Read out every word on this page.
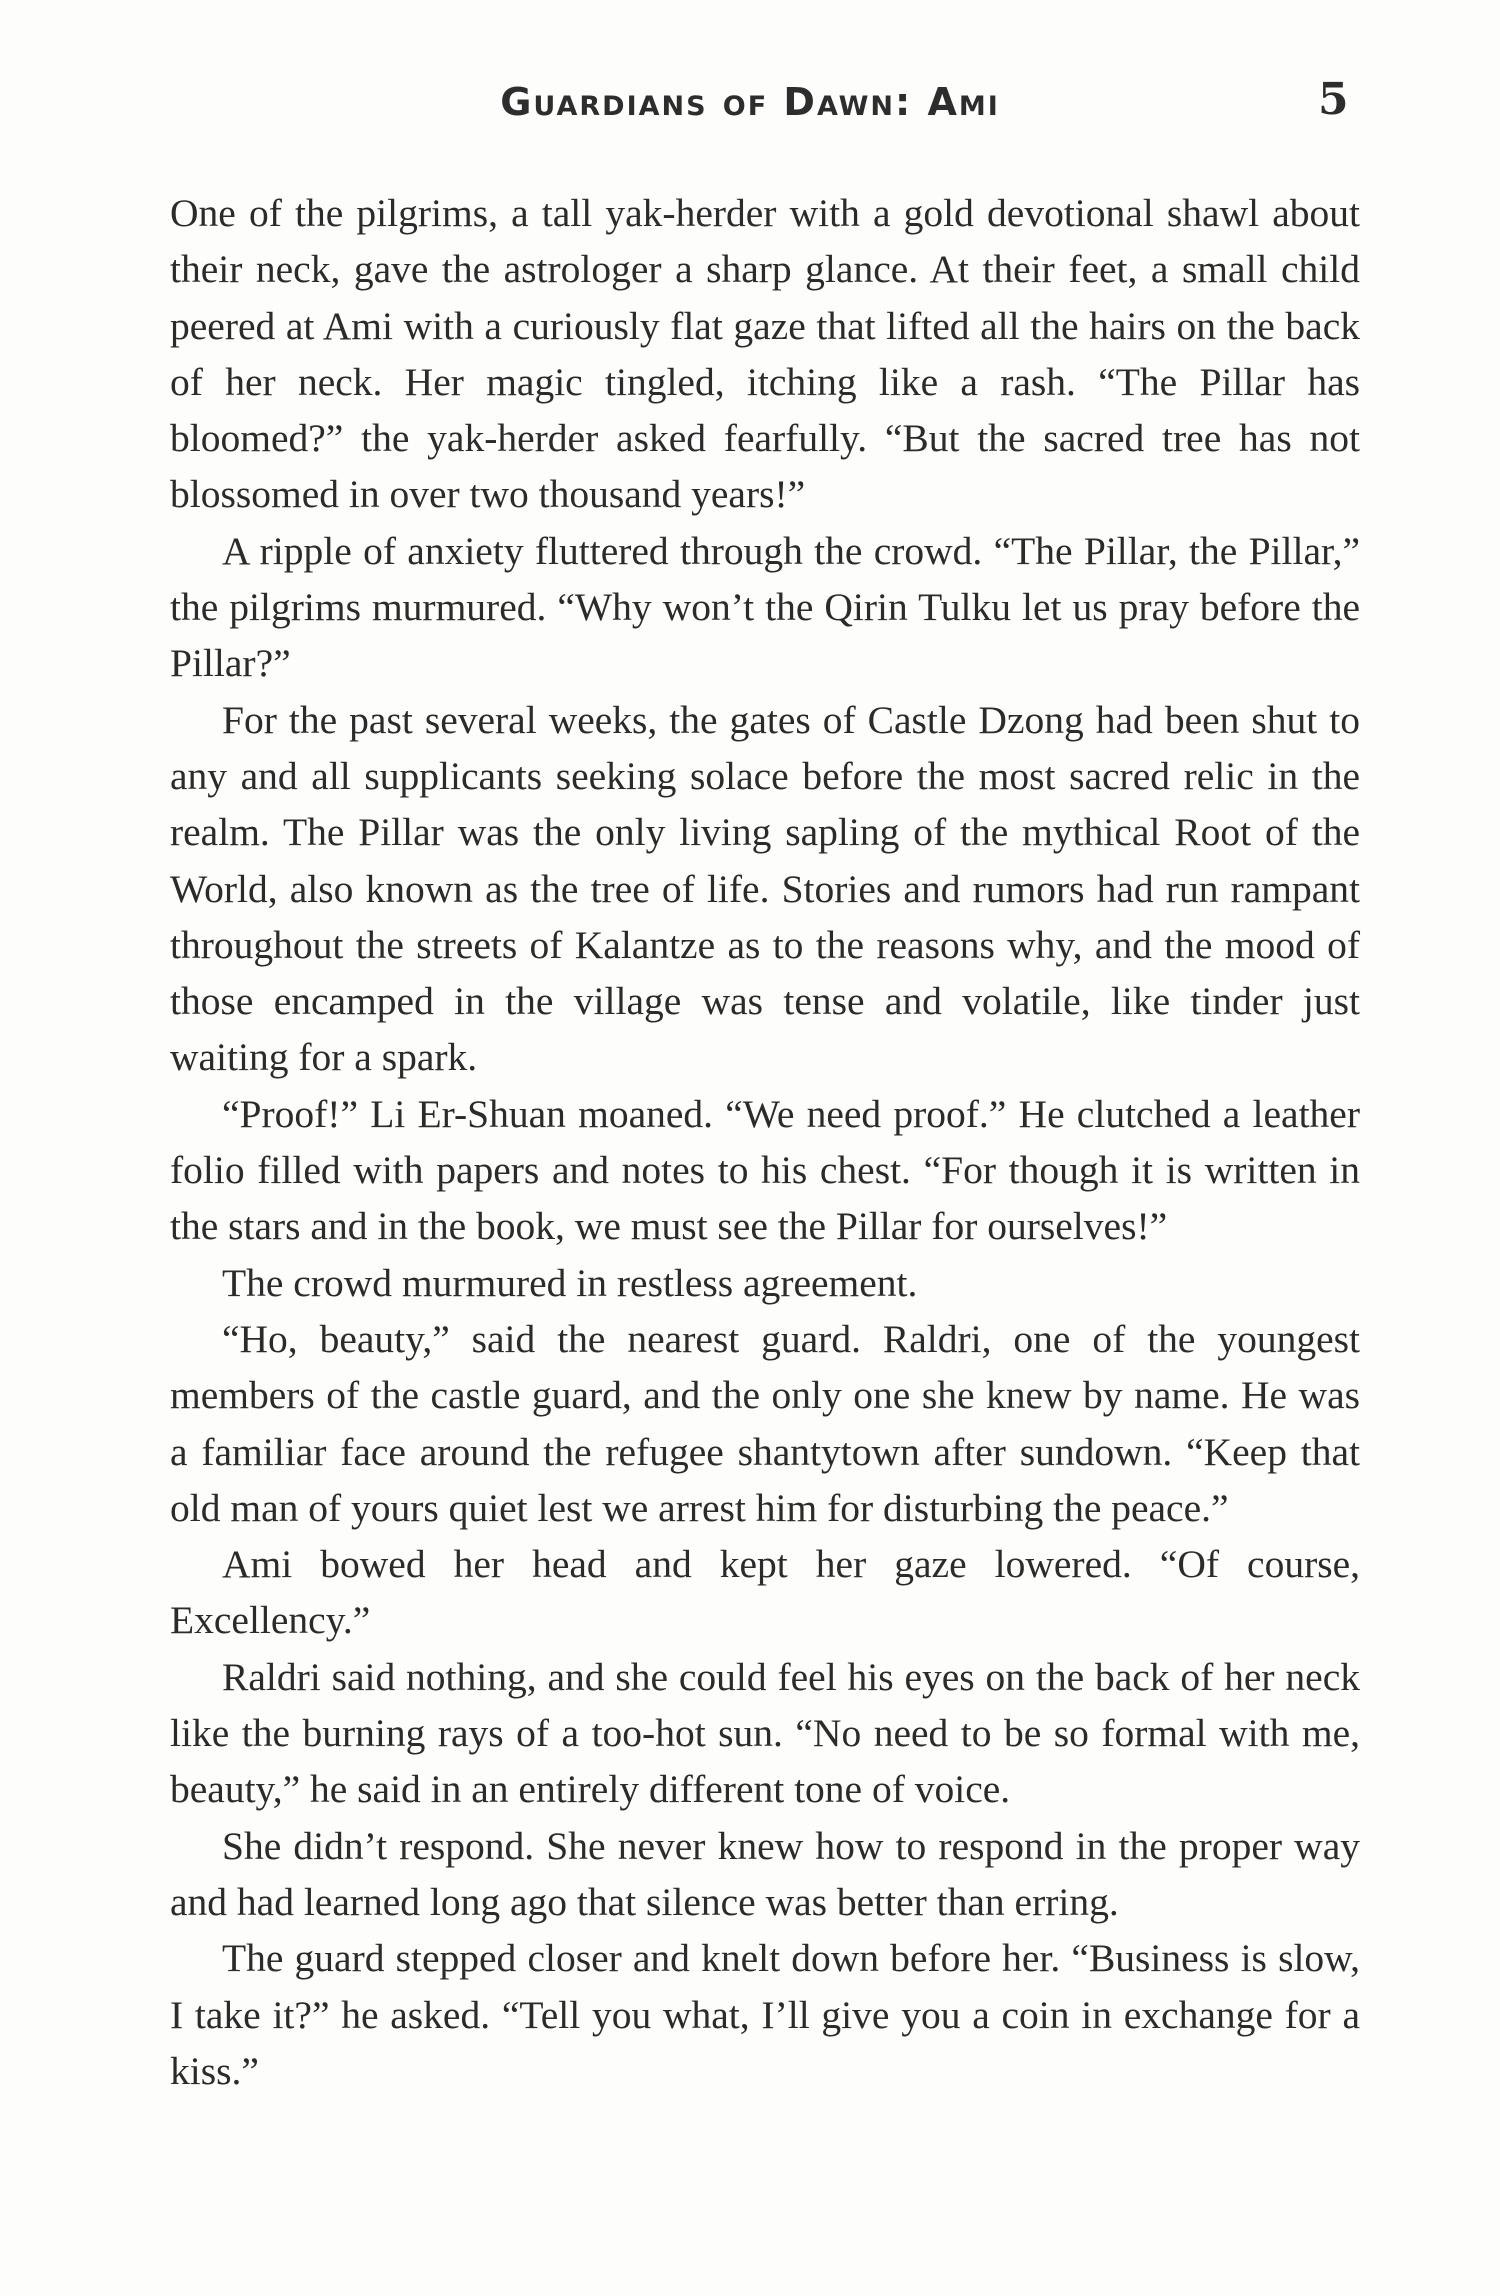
Guardians of Dawn: Ami	5

One of the pilgrims, a tall yak-herder with a gold devotional shawl about their neck, gave the astrologer a sharp glance. At their feet, a small child peered at Ami with a curiously flat gaze that lifted all the hairs on the back of her neck. Her magic tingled, itching like a rash. “The Pillar has bloomed?” the yak-herder asked fearfully. “But the sacred tree has not blossomed in over two thousand years!”

A ripple of anxiety fluttered through the crowd. “The Pillar, the Pillar,” the pilgrims murmured. “Why won’t the Qirin Tulku let us pray before the Pillar?”

For the past several weeks, the gates of Castle Dzong had been shut to any and all supplicants seeking solace before the most sacred relic in the realm. The Pillar was the only living sapling of the mythical Root of the World, also known as the tree of life. Stories and rumors had run rampant throughout the streets of Kalantze as to the reasons why, and the mood of those encamped in the village was tense and volatile, like tinder just waiting for a spark.

“Proof!” Li Er-Shuan moaned. “We need proof.” He clutched a leather folio filled with papers and notes to his chest. “For though it is written in the stars and in the book, we must see the Pillar for ourselves!”

The crowd murmured in restless agreement.

“Ho, beauty,” said the nearest guard. Raldri, one of the youngest members of the castle guard, and the only one she knew by name. He was a familiar face around the refugee shantytown after sundown. “Keep that old man of yours quiet lest we arrest him for disturbing the peace.”

Ami bowed her head and kept her gaze lowered. “Of course, Excellency.”

Raldri said nothing, and she could feel his eyes on the back of her neck like the burning rays of a too-hot sun. “No need to be so formal with me, beauty,” he said in an entirely different tone of voice.

She didn’t respond. She never knew how to respond in the proper way and had learned long ago that silence was better than erring.

The guard stepped closer and knelt down before her. “Business is slow, I take it?” he asked. “Tell you what, I’ll give you a coin in exchange for a kiss.”
